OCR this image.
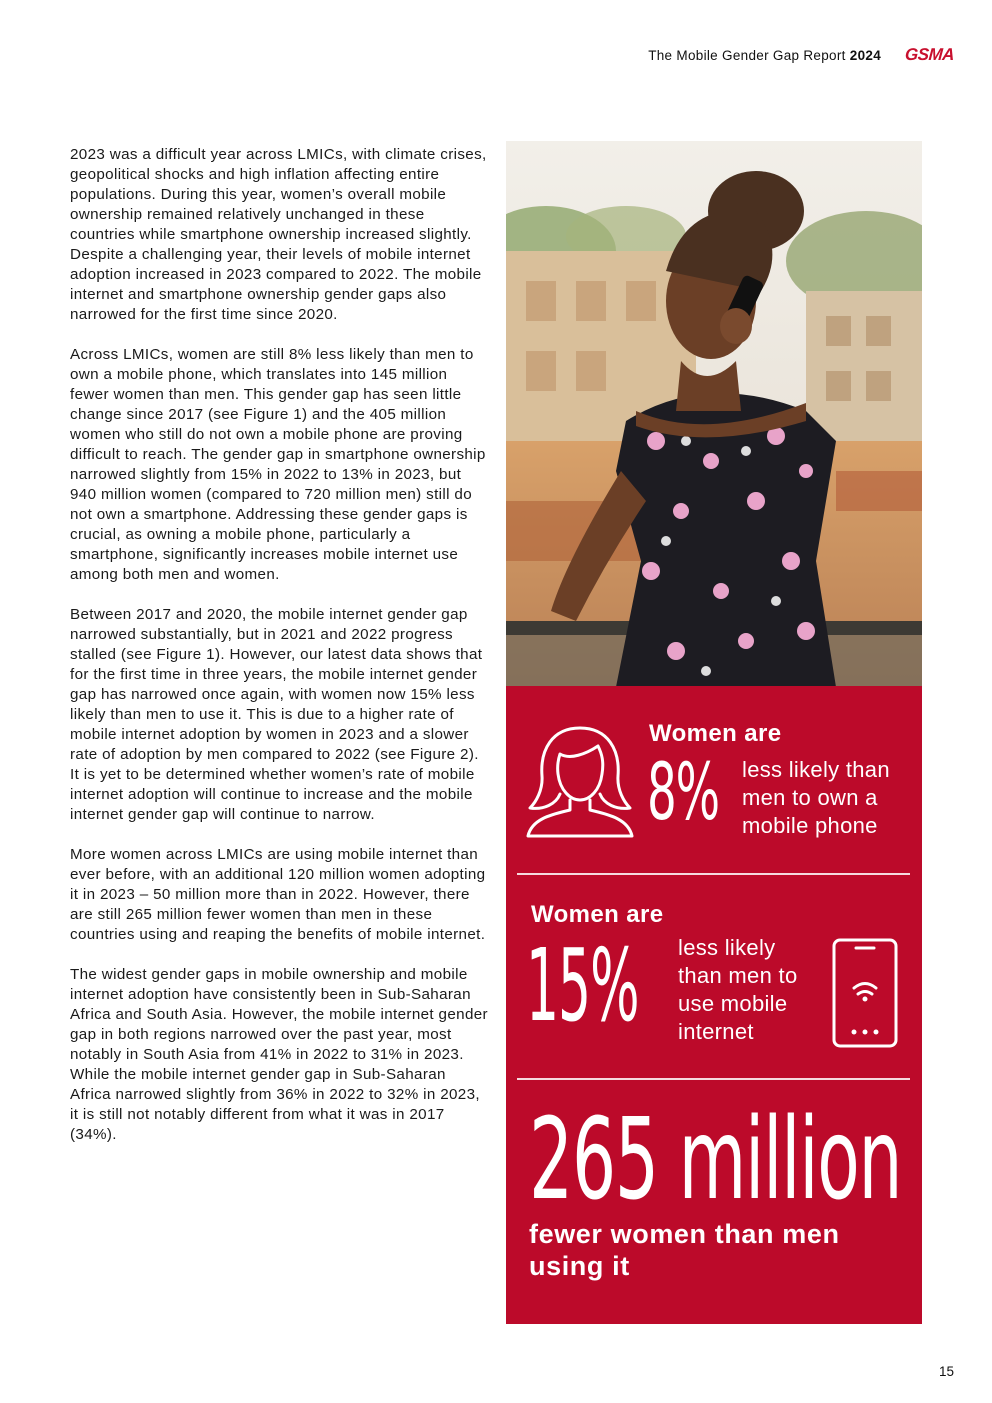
The Mobile Gender Gap Report 2024 GSMA

2023 was a difficult year across LMICs, with climate crises, geopolitical shocks and high inflation affecting entire populations. During this year, women’s overall mobile ownership remained relatively unchanged in these countries while smartphone ownership increased slightly. Despite a challenging year, their levels of mobile internet adoption increased in 2023 compared to 2022. The mobile internet and smartphone ownership gender gaps also narrowed for the first time since 2020.

Across LMICs, women are still 8% less likely than men to own a mobile phone, which translates into 145 million fewer women than men. This gender gap has seen little change since 2017 (see Figure 1) and the 405 million women who still do not own a mobile phone are proving difficult to reach. The gender gap in smartphone ownership narrowed slightly from 15% in 2022 to 13% in 2023, but 940 million women (compared to 720 million men) still do not own a smartphone. Addressing these gender gaps is crucial, as owning a mobile phone, particularly a smartphone, significantly increases mobile internet use among both men and women.

Between 2017 and 2020, the mobile internet gender gap narrowed substantially, but in 2021 and 2022 progress stalled (see Figure 1). However, our latest data shows that for the first time in three years, the mobile internet gender gap has narrowed once again, with women now 15% less likely than men to use it. This is due to a higher rate of mobile internet adoption by women in 2023 and a slower rate of adoption by men compared to 2022 (see Figure 2). It is yet to be determined whether women’s rate of mobile internet adoption will continue to increase and the mobile internet gender gap will continue to narrow.

More women across LMICs are using mobile internet than ever before, with an additional 120 million women adopting it in 2023 – 50 million more than in 2022. However, there are still 265 million fewer women than men in these countries using and reaping the benefits of mobile internet.

The widest gender gaps in mobile ownership and mobile internet adoption have consistently been in Sub-Saharan Africa and South Asia. However, the mobile internet gender gap in both regions narrowed over the past year, most notably in South Asia from 41% in 2022 to 31% in 2023. While the mobile internet gender gap in Sub-Saharan Africa narrowed slightly from 36% in 2022 to 32% in 2023, it is still not notably different from what it was in 2017 (34%).

Women are
8% less likely than
men to own a
mobile phone
Women are
15% less likely
than men to
use mobile
internet
265 million
fewer women than men using it
15
